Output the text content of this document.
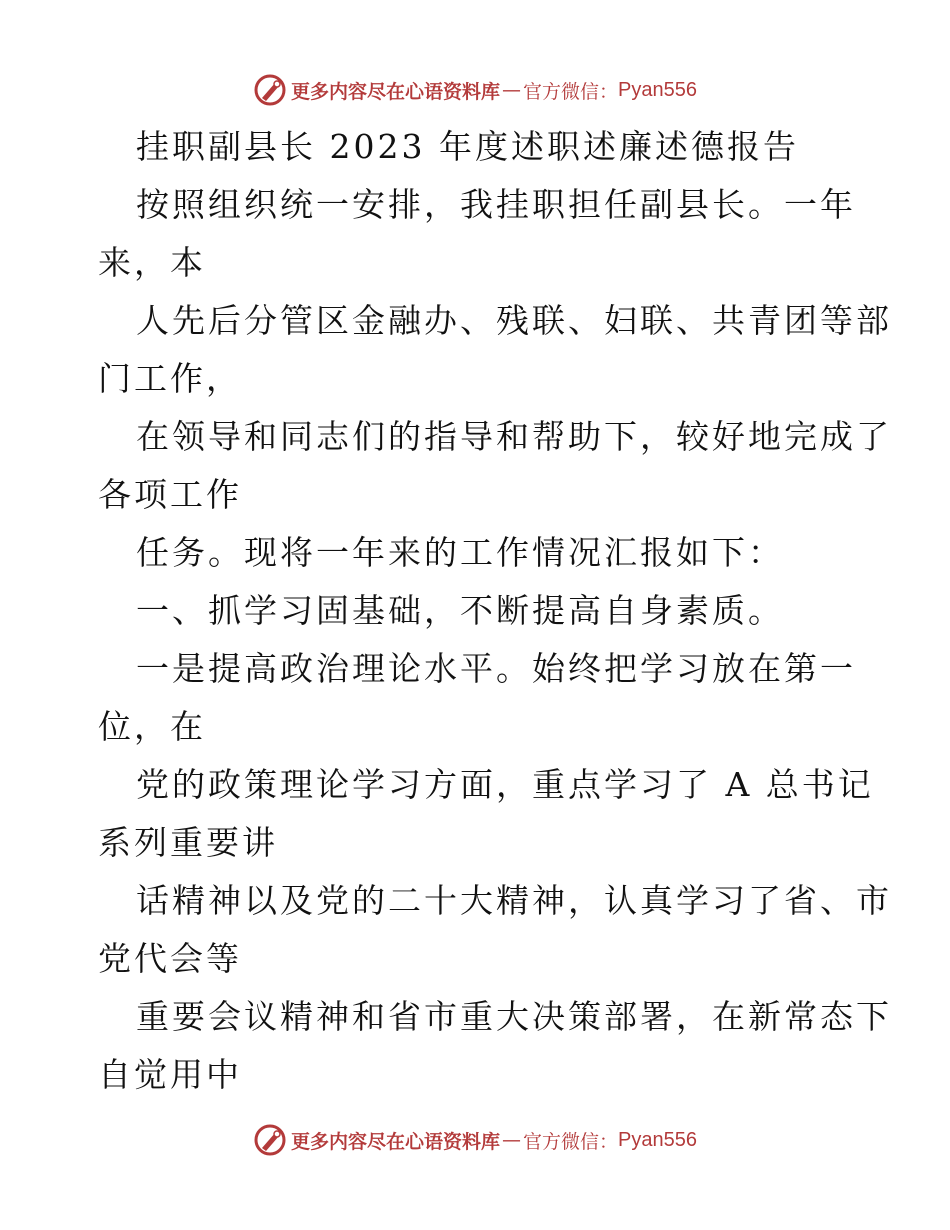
更多内容尽在心语资料库 — 官方微信： Pyan556
挂职副县长 2023 年度述职述廉述德报告
按照组织统一安排，我挂职担任副县长。一年
来，本
人先后分管区金融办、残联、妇联、共青团等部
门工作，
在领导和同志们的指导和帮助下，较好地完成了
各项工作
任务。现将一年来的工作情况汇报如下：
一、抓学习固基础，不断提高自身素质。
一是提高政治理论水平。始终把学习放在第一
位，在
党的政策理论学习方面，重点学习了 A 总书记
系列重要讲
话精神以及党的二十大精神，认真学习了省、市
党代会等
重要会议精神和省市重大决策部署，在新常态下
自觉用中
更多内容尽在心语资料库 — 官方微信： Pyan556
